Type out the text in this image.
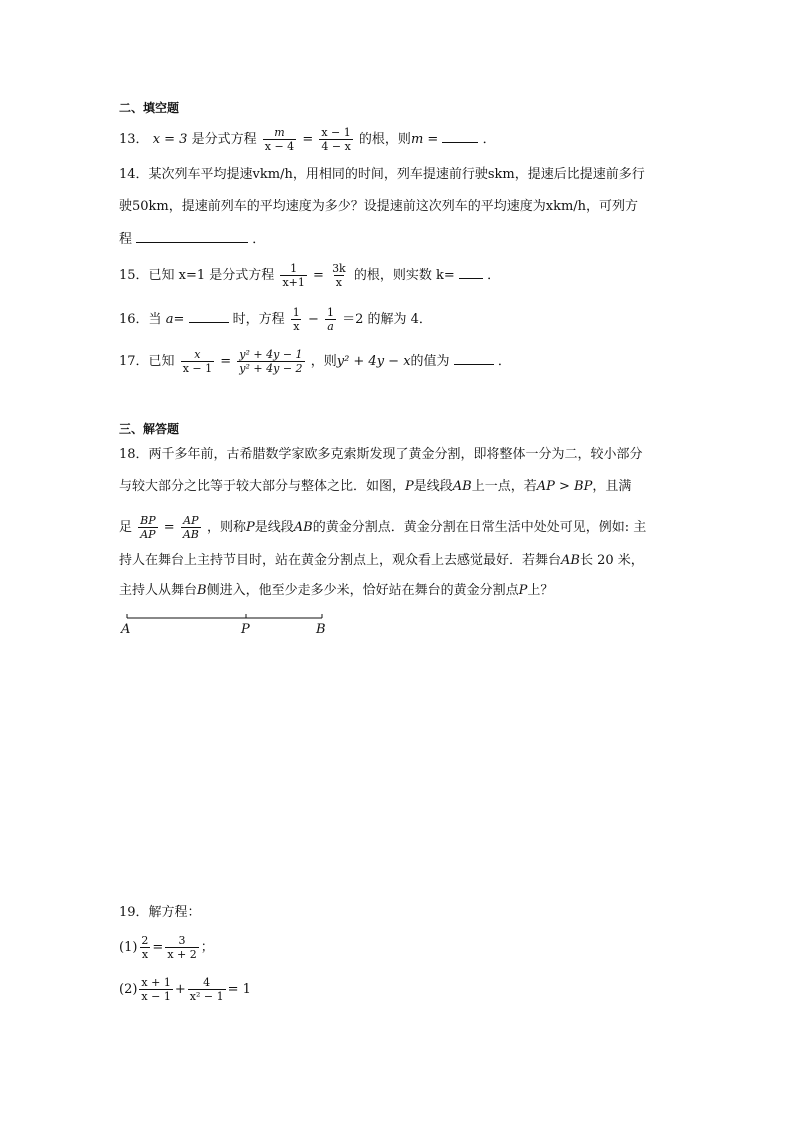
二、填空题
13． x = 3 是分式方程 $\frac{m}{x - 4} = \frac{x - 1}{4 - x}$ 的根，则m =	．
14．某次列车平均提速vkm/h，用相同的时间，列车提速前行驶skm，提速后比提速前多行
驶50km，提速前列车的平均速度为多少？设提速前这次列车的平均速度为xkm/h，可列方
程	．
15．已知 x=1 是分式方程 $\frac{1}{x+1} = \frac{3k}{x}$ 的根，则实数 k= ．
16．当 a=	时，方程 $\frac{1}{x} - \frac{1}{a} =2$ 的解为 4．
17．已知 $\frac{x}{x - 1} = \frac{\text{y² + 4y − 1}}{\text{y² + 4y − 2}}$ ，则y² + 4y − x的值为	．
三、解答题
18．两千多年前，古希腊数学家欧多克索斯发现了黄金分割，即将整体一分为二，较小部分
与较大部分之比等于较大部分与整体之比．如图，P是线段AB上一点，若AP > BP，且满
足 $\frac{BP}{AP} = \frac{AP}{AB}$ ，则称P是线段AB的黄金分割点．黄金分割在日常生活中处处可见，例如: 主
持人在舞台上主持节目时，站在黄金分割点上，观众看上去感觉最好．若舞台AB长 20 米，
主持人从舞台B侧进入，他至少走多少米，恰好站在舞台的黄金分割点P上？
A	P	B
19．解方程：
$(1) \frac{2}{x} = \frac{3}{x + 2}$ ；
$(2) \frac{x + 1}{x - 1} + \frac{4}{\text{x² − 1}} = 1$
